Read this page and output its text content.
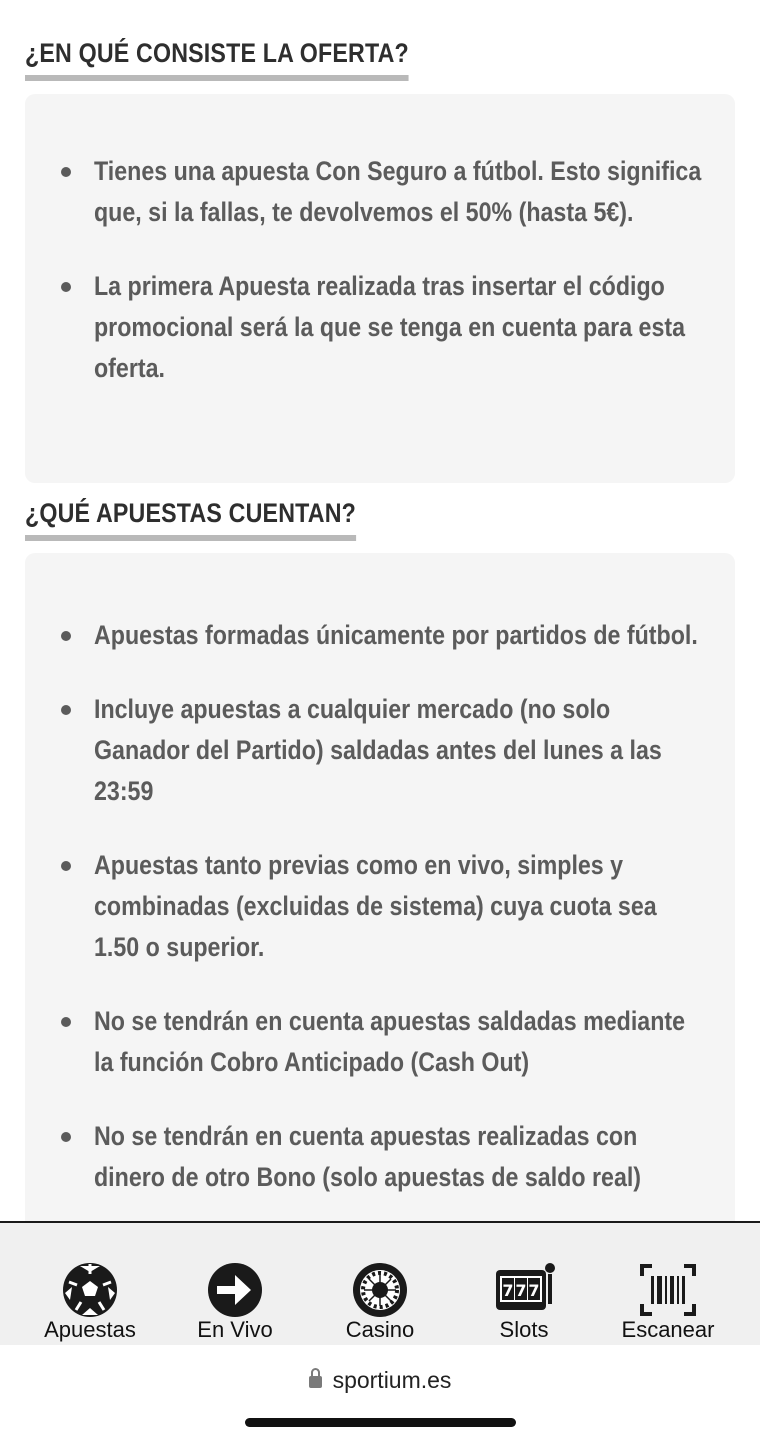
¿EN QUÉ CONSISTE LA OFERTA?
Tienes una apuesta Con Seguro a fútbol. Esto significa que, si la fallas, te devolvemos el 50% (hasta 5€).
La primera Apuesta realizada tras insertar el código promocional será la que se tenga en cuenta para esta oferta.
¿QUÉ APUESTAS CUENTAN?
Apuestas formadas únicamente por partidos de fútbol.
Incluye apuestas a cualquier mercado (no solo Ganador del Partido) saldadas antes del lunes a las 23:59
Apuestas tanto previas como en vivo, simples y combinadas (excluidas de sistema) cuya cuota sea 1.50 o superior.
No se tendrán en cuenta apuestas saldadas mediante la función Cobro Anticipado (Cash Out)
No se tendrán en cuenta apuestas realizadas con dinero de otro Bono (solo apuestas de saldo real)
Apuestas	En Vivo	Casino
7 7 7
Slots	Escanear
sportium.es
